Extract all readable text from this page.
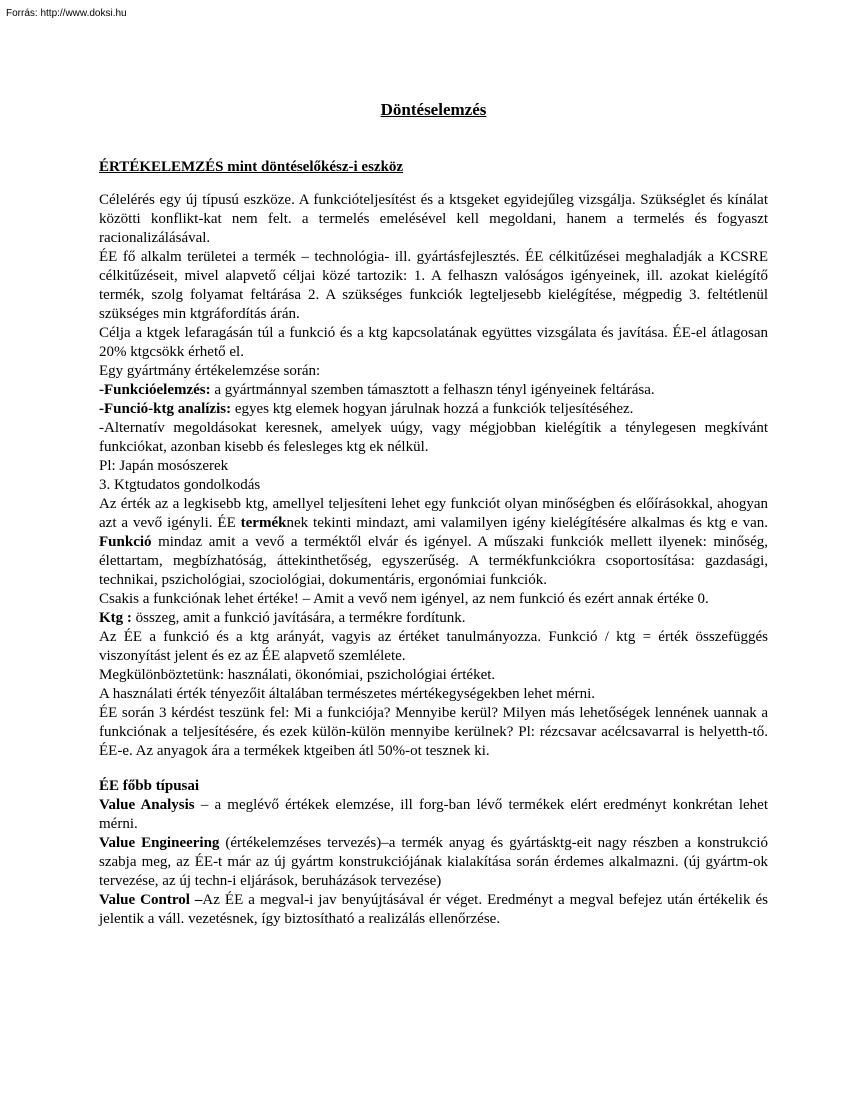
Forrás: http://www.doksi.hu
Döntéselemzés
ÉRTÉKELEMZÉS mint döntéselőkész-i eszköz

Célelérés egy új típusú eszköze. A funkcióteljesítést és a ktsgeket egyidejűleg vizsgálja. Szükséglet és kínálat közötti konflikt-kat nem felt. a termelés emelésével kell megoldani, hanem a termelés és fogyaszt racionalizálásával.

ÉE fő alkalm területei a termék – technológia- ill. gyártásfejlesztés. ÉE célkitűzései meghaladják a KCSRE célkitűzéseit, mivel alapvető céljai közé tartozik: 1. A felhaszn valóságos igényeinek, ill. azokat kielégítő termék, szolg folyamat feltárása 2. A szükséges funkciók legteljesebb kielégítése, mégpedig 3. feltétlenül szükséges min ktgráfordítás árán.

Célja a ktgek lefaragásán túl a funkció és a ktg kapcsolatának együttes vizsgálata és javítása. ÉE-el átlagosan 20% ktgcsökk érhető el.

Egy gyártmány értékelemzése során:

-Funkcióelemzés: a gyártmánnyal szemben támasztott a felhaszn tényl igényeinek feltárása.

-Funció-ktg analízis: egyes ktg elemek hogyan járulnak hozzá a funkciók teljesítéséhez.

-Alternatív megoldásokat keresnek, amelyek uúgy, vagy mégjobban kielégítik a ténylegesen megkívánt funkciókat, azonban kisebb és felesleges ktg ek nélkül.

Pl: Japán mosószerek

3. Ktgtudatos gondolkodás

Az érték az a legkisebb ktg, amellyel teljesíteni lehet egy funkciót olyan minőségben és előírásokkal, ahogyan azt a vevő igényli. ÉE terméknek tekinti mindazt, ami valamilyen igény kielégítésére alkalmas és ktg e van. Funkció mindaz amit a vevő a terméktől elvár és igényel. A műszaki funkciók mellett ilyenek: minőség, élettartam, megbízhatóság, áttekinthetőség, egyszerűség. A termékfunkciókra csoportosítása: gazdasági, technikai, pszichológiai, szociológiai, dokumentáris, ergonómiai funkciók.

Csakis a funkciónak lehet értéke! – Amit a vevő nem igényel, az nem funkció és ezért annak értéke 0.

Ktg : összeg, amit a funkció javítására, a termékre fordítunk.

Az ÉE a funkció és a ktg arányát, vagyis az értéket tanulmányozza. Funkció / ktg = érték összefüggés viszonyítást jelent és ez az ÉE alapvető szemlélete.

Megkülönböztetünk: használati, ökonómiai, pszichológiai értéket.

A használati érték tényezőit általában természetes mértékegységekben lehet mérni.

ÉE során 3 kérdést teszünk fel: Mi a funkciója? Mennyibe kerül? Milyen más lehetőségek lennének uannak a funkciónak a teljesítésére, és ezek külön-külön mennyibe kerülnek? Pl: rézcsavar acélcsavarral is helyetth-tő. ÉE-e. Az anyagok ára a termékek ktgeiben átl 50%-ot tesznek ki.

ÉE főbb típusai

Value Analysis – a meglévő értékek elemzése, ill forg-ban lévő termékek elért eredményt konkrétan lehet mérni.

Value Engineering (értékelemzéses tervezés)–a termék anyag és gyártásktg-eit nagy részben a konstrukció szabja meg, az ÉE-t már az új gyártm konstrukciójának kialakítása során érdemes alkalmazni. (új gyártm-ok tervezése, az új techn-i eljárások, beruházások tervezése)

Value Control –Az ÉE a megval-i jav benyújtásával ér véget. Eredményt a megval befejez után értékelik és jelentik a váll. vezetésnek, így biztosítható a realizálás ellenőrzése.
